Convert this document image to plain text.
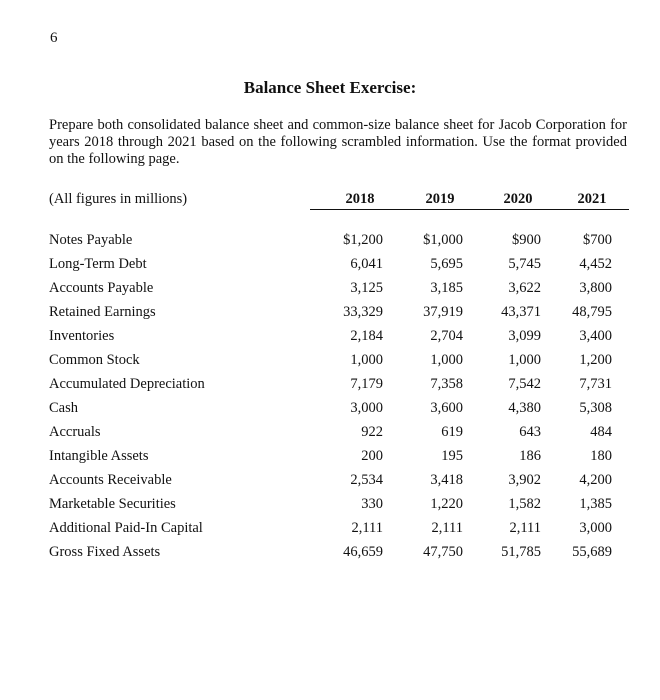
6
Balance Sheet Exercise:
Prepare both consolidated balance sheet and common-size balance sheet for Jacob Corporation for years 2018 through 2021 based on the following scrambled information. Use the format provided on the following page.
(All figures in millions)	2018	2019	2020	2021
Notes Payable	$1,200	$1,000	$900	$700
Long-Term Debt	6,041	5,695	5,745	4,452
Accounts Payable	3,125	3,185	3,622	3,800
Retained Earnings	33,329	37,919	43,371	48,795
Inventories	2,184	2,704	3,099	3,400
Common Stock	1,000	1,000	1,000	1,200
Accumulated Depreciation	7,179	7,358	7,542	7,731
Cash	3,000	3,600	4,380	5,308
Accruals	922	619	643	484
Intangible Assets	200	195	186	180
Accounts Receivable	2,534	3,418	3,902	4,200
Marketable Securities	330	1,220	1,582	1,385
Additional Paid-In Capital	2,111	2,111	2,111	3,000
Gross Fixed Assets	46,659	47,750	51,785	55,689
